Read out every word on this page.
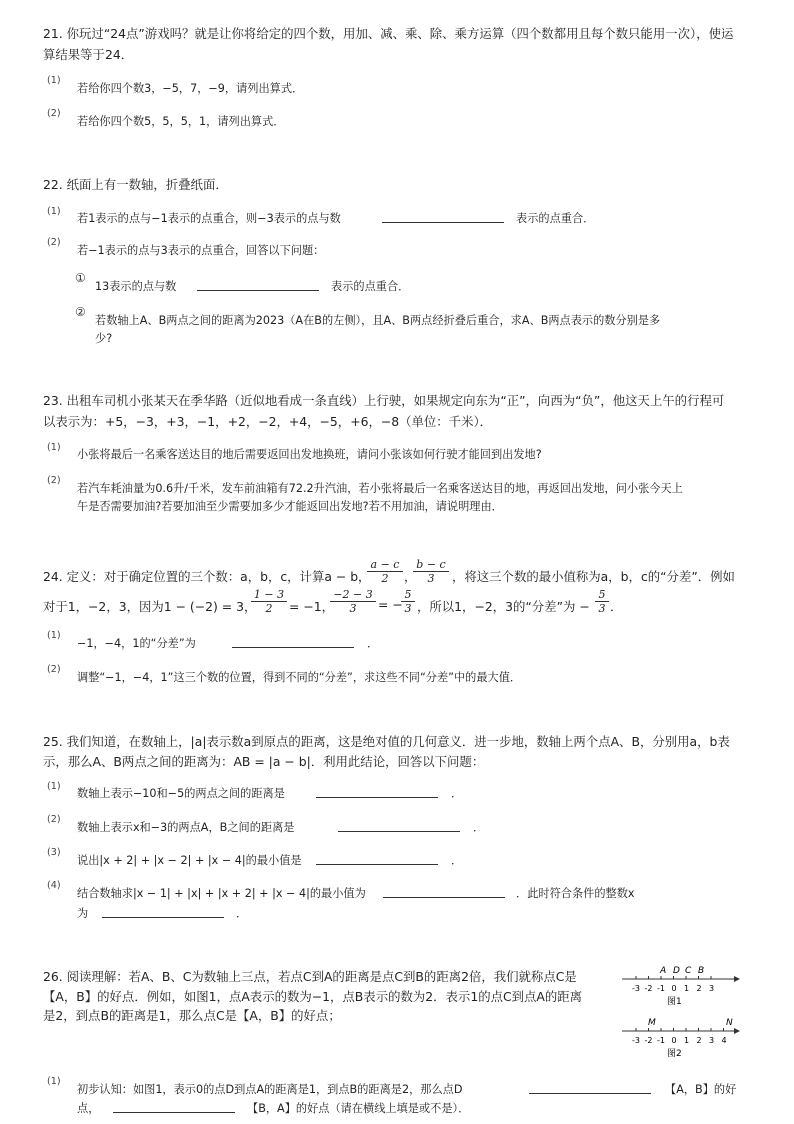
21. 你玩过“24点”游戏吗？就是让你将给定的四个数，用加、减、乘、除、乘方运算（四个数都用且每个数只能用一次），使运
算结果等于24．
(1)
若给你四个数3，−5，7，−9，请列出算式．
(2)
若给你四个数5，5，5，1，请列出算式．
22. 纸面上有一数轴，折叠纸面．
(1)
若1表示的点与−1表示的点重合，则−3表示的点与数	表示的点重合．
(2)
若−1表示的点与3表示的点重合，回答以下问题：
①
13表示的点与数	表示的点重合．
②
若数轴上A、B两点之间的距离为2023（A在B的左侧），且A、B两点经折叠后重合，求A、B两点表示的数分别是多
少?
23. 出租车司机小张某天在季华路（近似地看成一条直线）上行驶，如果规定向东为“正”，向西为“负”，他这天上午的行程可
以表示为：+5，−3，+3，−1，+2，−2，+4，−5，+6，−8（单位：千米）．
(1)
小张将最后一名乘客送达目的地后需要返回出发地换班，请问小张该如何行驶才能回到出发地?
(2)
若汽车耗油量为0.6升/千米，发车前油箱有72.2升汽油，若小张将最后一名乘客送达目的地，再返回出发地，问小张今天上
午是否需要加油?若要加油至少需要加多少才能返回出发地?若不用加油，请说明理由．
24. 定义：对于确定位置的三个数：a，b，c，计算a − b，
$\frac{a - c}{2}$ ，
$\frac{b - c}{3}$ ，将这三个数的最小值称为a，b，c的“分差”．例如
对于1，−2，3，因为1 − (−2) = 3，
$\frac{1 - 3}{2} = -1$，
$\frac{-2 - 3}{3}$ = −
$\frac{5}{3}$ ，所以1，−2，3的“分差”为 − $\frac{5}{3}$ ．
(1)
−1，−4，1的“分差”为	．
(2)
调整“−1，−4，1”这三个数的位置，得到不同的“分差”，求这些不同“分差”中的最大值．
25. 我们知道，在数轴上，|a|表示数a到原点的距离，这是绝对值的几何意义．进一步地，数轴上两个点A、B，分别用a，b表
示，那么A、B两点之间的距离为：AB = |a − b|．利用此结论，回答以下问题：
(1)
数轴上表示−10和−5的两点之间的距离是	．
(2)
数轴上表示x和−3的两点A，B之间的距离是	．
(3)
说出|x + 2| + |x − 2| + |x − 4|的最小值是	．
(4)
结合数轴求|x − 1| + |x| + |x + 2| + |x − 4|的最小值为	．此时符合条件的整数x
为	．
26. 阅读理解：若A、B、C为数轴上三点，若点C到A的距离是点C到B的距离2倍，我们就称点C是
【A，B】的好点．例如，如图1，点A表示的数为−1，点B表示的数为2．表示1的点C到点A的距离
是2，到点B的距离是1，那么点C是【A，B】的好点；
-3 -2 -1 0 1 2 3
A D C B
图1
-3 -2 -1 0 1 2 3 4
M	N
图2
(1)
初步认知：如图1，表示0的点D到点A的距离是1，到点B的距离是2，那么点D	【A，B】的好
点，	【B，A】的好点（请在横线上填是或不是）．
